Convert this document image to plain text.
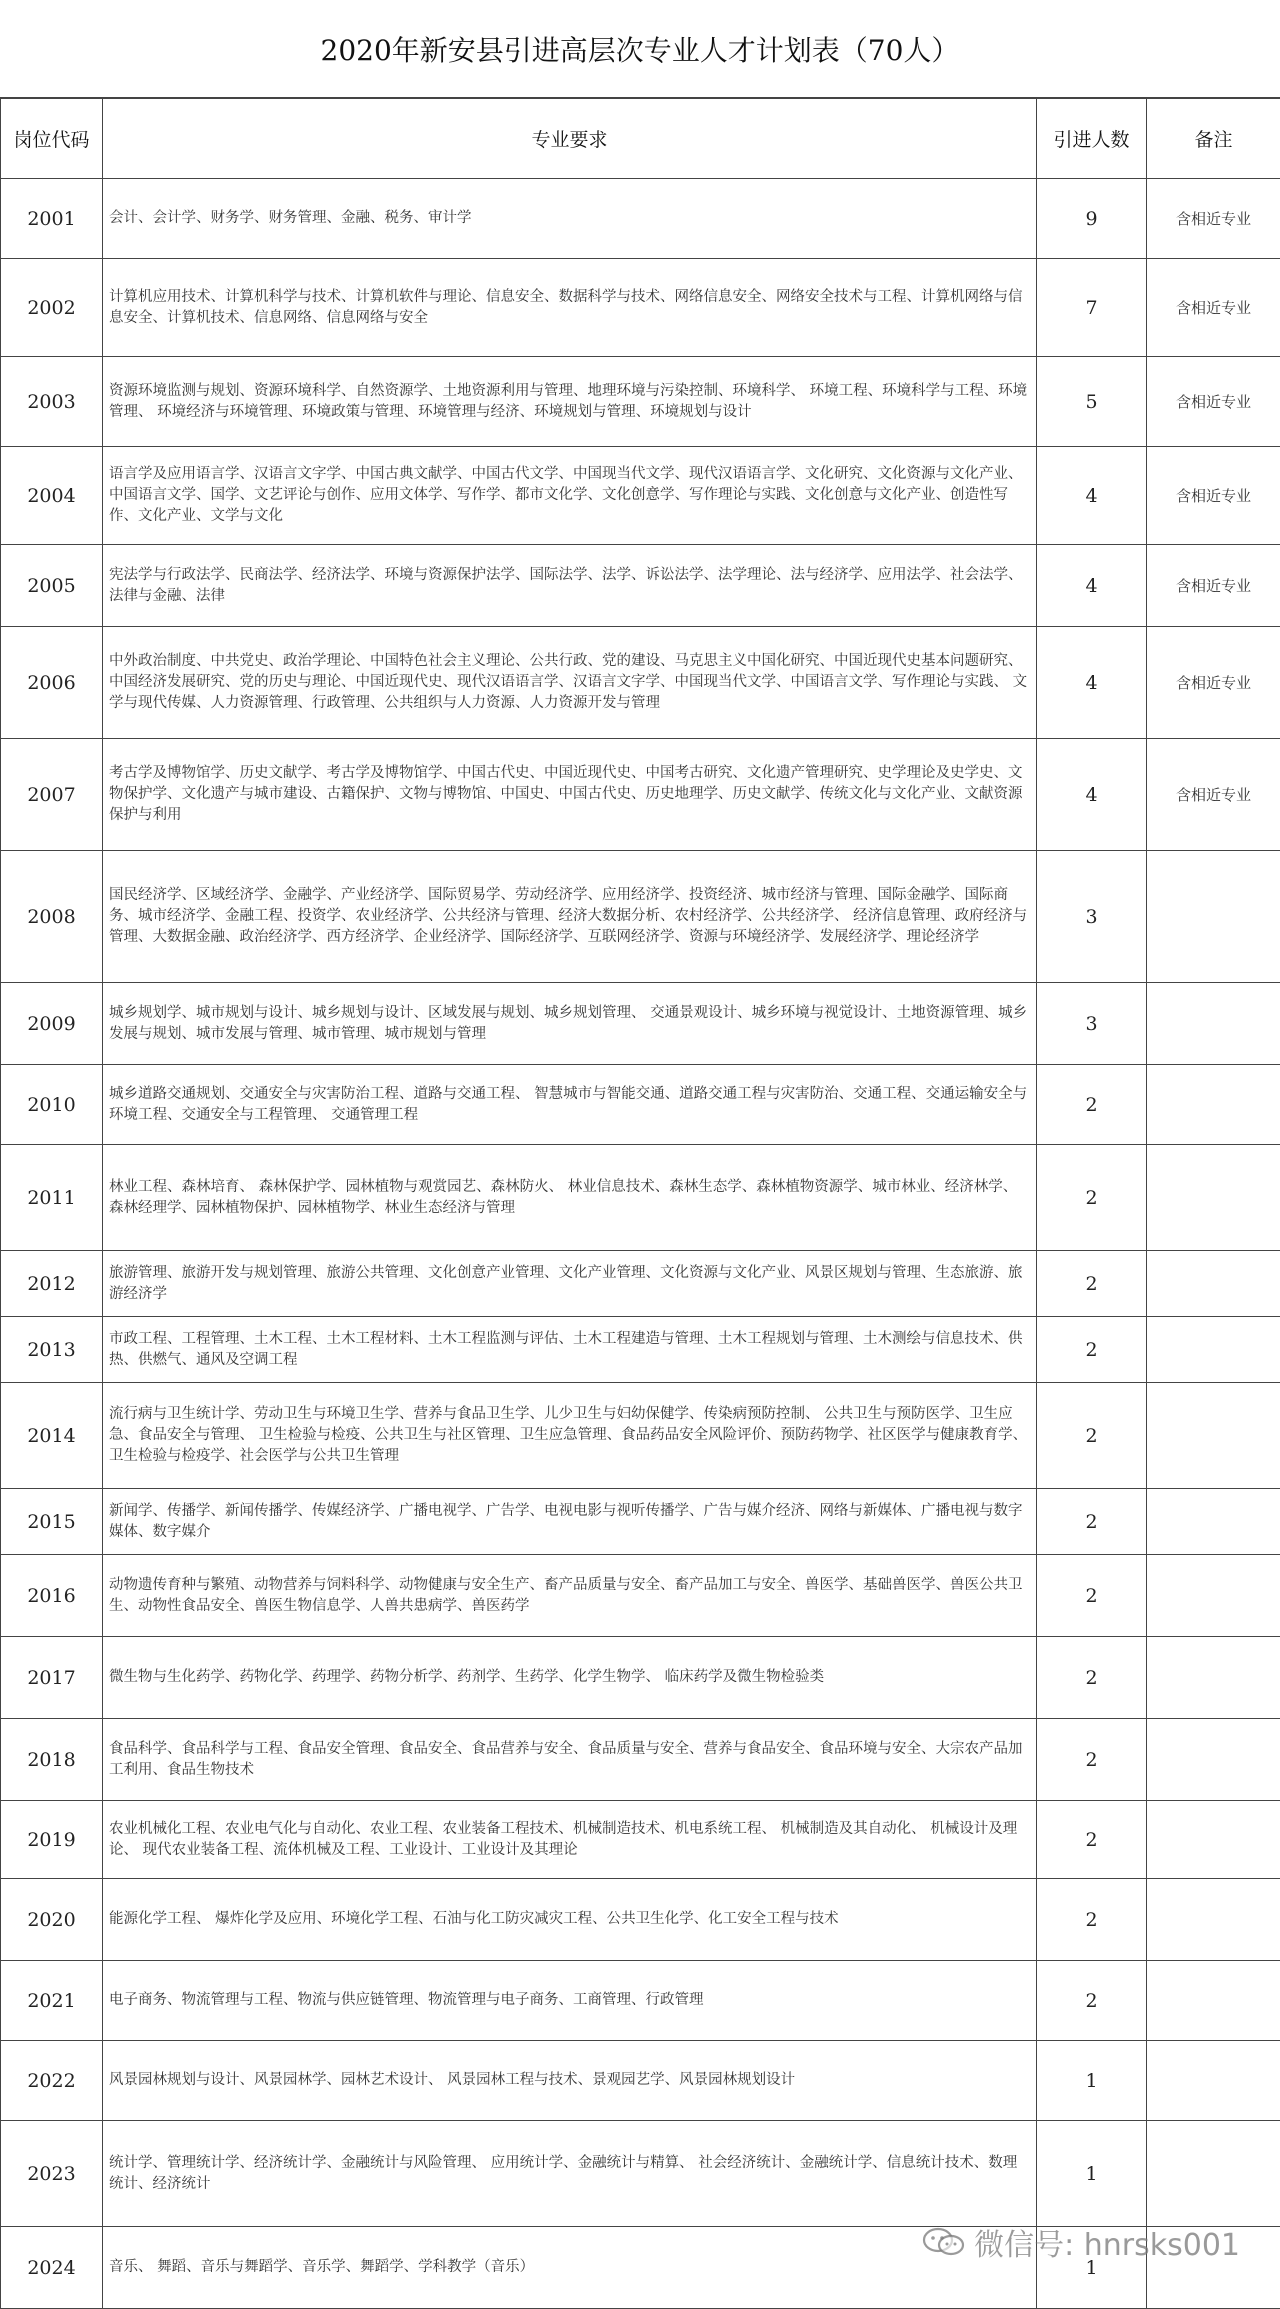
2020年新安县引进高层次专业人才计划表（70人）
岗位代码	专业要求	引进人数	备注
2001	会计、会计学、财务学、财务管理、金融、税务、审计学	9	含相近专业
2002	计算机应用技术、计算机科学与技术、计算机软件与理论、信息安全、数据科学与技术、网络信息安全、网络安全技术与工程、计算机网络与信息安全、计算机技术、信息网络、信息网络与安全	7	含相近专业
2003	资源环境监测与规划、资源环境科学、自然资源学、土地资源利用与管理、地理环境与污染控制、环境科学、 环境工程、环境科学与工程、环境管理、 环境经济与环境管理、环境政策与管理、环境管理与经济、环境规划与管理、环境规划与设计	5	含相近专业
2004	语言学及应用语言学、汉语言文字学、中国古典文献学、中国古代文学、中国现当代文学、现代汉语语言学、文化研究、文化资源与文化产业、中国语言文学、国学、文艺评论与创作、应用文体学、写作学、都市文化学、文化创意学、写作理论与实践、文化创意与文化产业、创造性写作、文化产业、文学与文化	4	含相近专业
2005	宪法学与行政法学、民商法学、经济法学、环境与资源保护法学、国际法学、法学、诉讼法学、法学理论、法与经济学、应用法学、社会法学、法律与金融、法律	4	含相近专业
2006	中外政治制度、中共党史、政治学理论、中国特色社会主义理论、公共行政、党的建设、马克思主义中国化研究、中国近现代史基本问题研究、中国经济发展研究、党的历史与理论、中国近现代史、现代汉语语言学、汉语言文字学、中国现当代文学、中国语言文学、写作理论与实践、 文学与现代传媒、人力资源管理、行政管理、公共组织与人力资源、人力资源开发与管理	4	含相近专业
2007	考古学及博物馆学、历史文献学、考古学及博物馆学、中国古代史、中国近现代史、中国考古研究、文化遗产管理研究、史学理论及史学史、文物保护学、文化遗产与城市建设、古籍保护、文物与博物馆、中国史、中国古代史、历史地理学、历史文献学、传统文化与文化产业、文献资源保护与利用	4	含相近专业
2008	国民经济学、区域经济学、金融学、产业经济学、国际贸易学、劳动经济学、应用经济学、投资经济、城市经济与管理、国际金融学、国际商务、城市经济学、金融工程、投资学、农业经济学、公共经济与管理、经济大数据分析、农村经济学、公共经济学、 经济信息管理、政府经济与管理、大数据金融、政治经济学、西方经济学、企业经济学、国际经济学、互联网经济学、资源与环境经济学、发展经济学、理论经济学	3	
2009	城乡规划学、城市规划与设计、城乡规划与设计、区域发展与规划、城乡规划管理、 交通景观设计、城乡环境与视觉设计、土地资源管理、城乡发展与规划、城市发展与管理、城市管理、城市规划与管理	3	
2010	城乡道路交通规划、交通安全与灾害防治工程、道路与交通工程、 智慧城市与智能交通、道路交通工程与灾害防治、交通工程、交通运输安全与环境工程、交通安全与工程管理、 交通管理工程	2	
2011	林业工程、森林培育、 森林保护学、园林植物与观赏园艺、森林防火、 林业信息技术、森林生态学、森林植物资源学、城市林业、经济林学、 森林经理学、园林植物保护、园林植物学、林业生态经济与管理	2	
2012	旅游管理、旅游开发与规划管理、旅游公共管理、文化创意产业管理、文化产业管理、文化资源与文化产业、风景区规划与管理、生态旅游、旅游经济学	2	
2013	市政工程、工程管理、土木工程、土木工程材料、土木工程监测与评估、土木工程建造与管理、土木工程规划与管理、土木测绘与信息技术、供热、供燃气、通风及空调工程	2	
2014	流行病与卫生统计学、劳动卫生与环境卫生学、营养与食品卫生学、儿少卫生与妇幼保健学、传染病预防控制、 公共卫生与预防医学、卫生应急、食品安全与管理、 卫生检验与检疫、公共卫生与社区管理、卫生应急管理、食品药品安全风险评价、预防药物学、社区医学与健康教育学、卫生检验与检疫学、社会医学与公共卫生管理	2	
2015	新闻学、传播学、新闻传播学、传媒经济学、广播电视学、广告学、电视电影与视听传播学、广告与媒介经济、网络与新媒体、广播电视与数字媒体、数字媒介	2	
2016	动物遗传育种与繁殖、动物营养与饲料科学、动物健康与安全生产、畜产品质量与安全、畜产品加工与安全、兽医学、基础兽医学、兽医公共卫生、动物性食品安全、兽医生物信息学、人兽共患病学、兽医药学	2	
2017	微生物与生化药学、药物化学、药理学、药物分析学、药剂学、生药学、化学生物学、 临床药学及微生物检验类	2	
2018	食品科学、食品科学与工程、食品安全管理、食品安全、食品营养与安全、食品质量与安全、营养与食品安全、食品环境与安全、大宗农产品加工利用、食品生物技术	2	
2019	农业机械化工程、农业电气化与自动化、农业工程、农业装备工程技术、机械制造技术、机电系统工程、 机械制造及其自动化、 机械设计及理论、 现代农业装备工程、流体机械及工程、工业设计、工业设计及其理论	2	
2020	能源化学工程、 爆炸化学及应用、环境化学工程、石油与化工防灾减灾工程、公共卫生化学、化工安全工程与技术	2	
2021	电子商务、物流管理与工程、物流与供应链管理、物流管理与电子商务、工商管理、行政管理	2	
2022	风景园林规划与设计、风景园林学、园林艺术设计、 风景园林工程与技术、景观园艺学、风景园林规划设计	1	
2023	统计学、管理统计学、经济统计学、金融统计与风险管理、 应用统计学、金融统计与精算、 社会经济统计、金融统计学、信息统计技术、数理统计、经济统计	1	
2024	音乐、 舞蹈、音乐与舞蹈学、音乐学、舞蹈学、学科教学（音乐）	1	
微信号: hnrsks001
